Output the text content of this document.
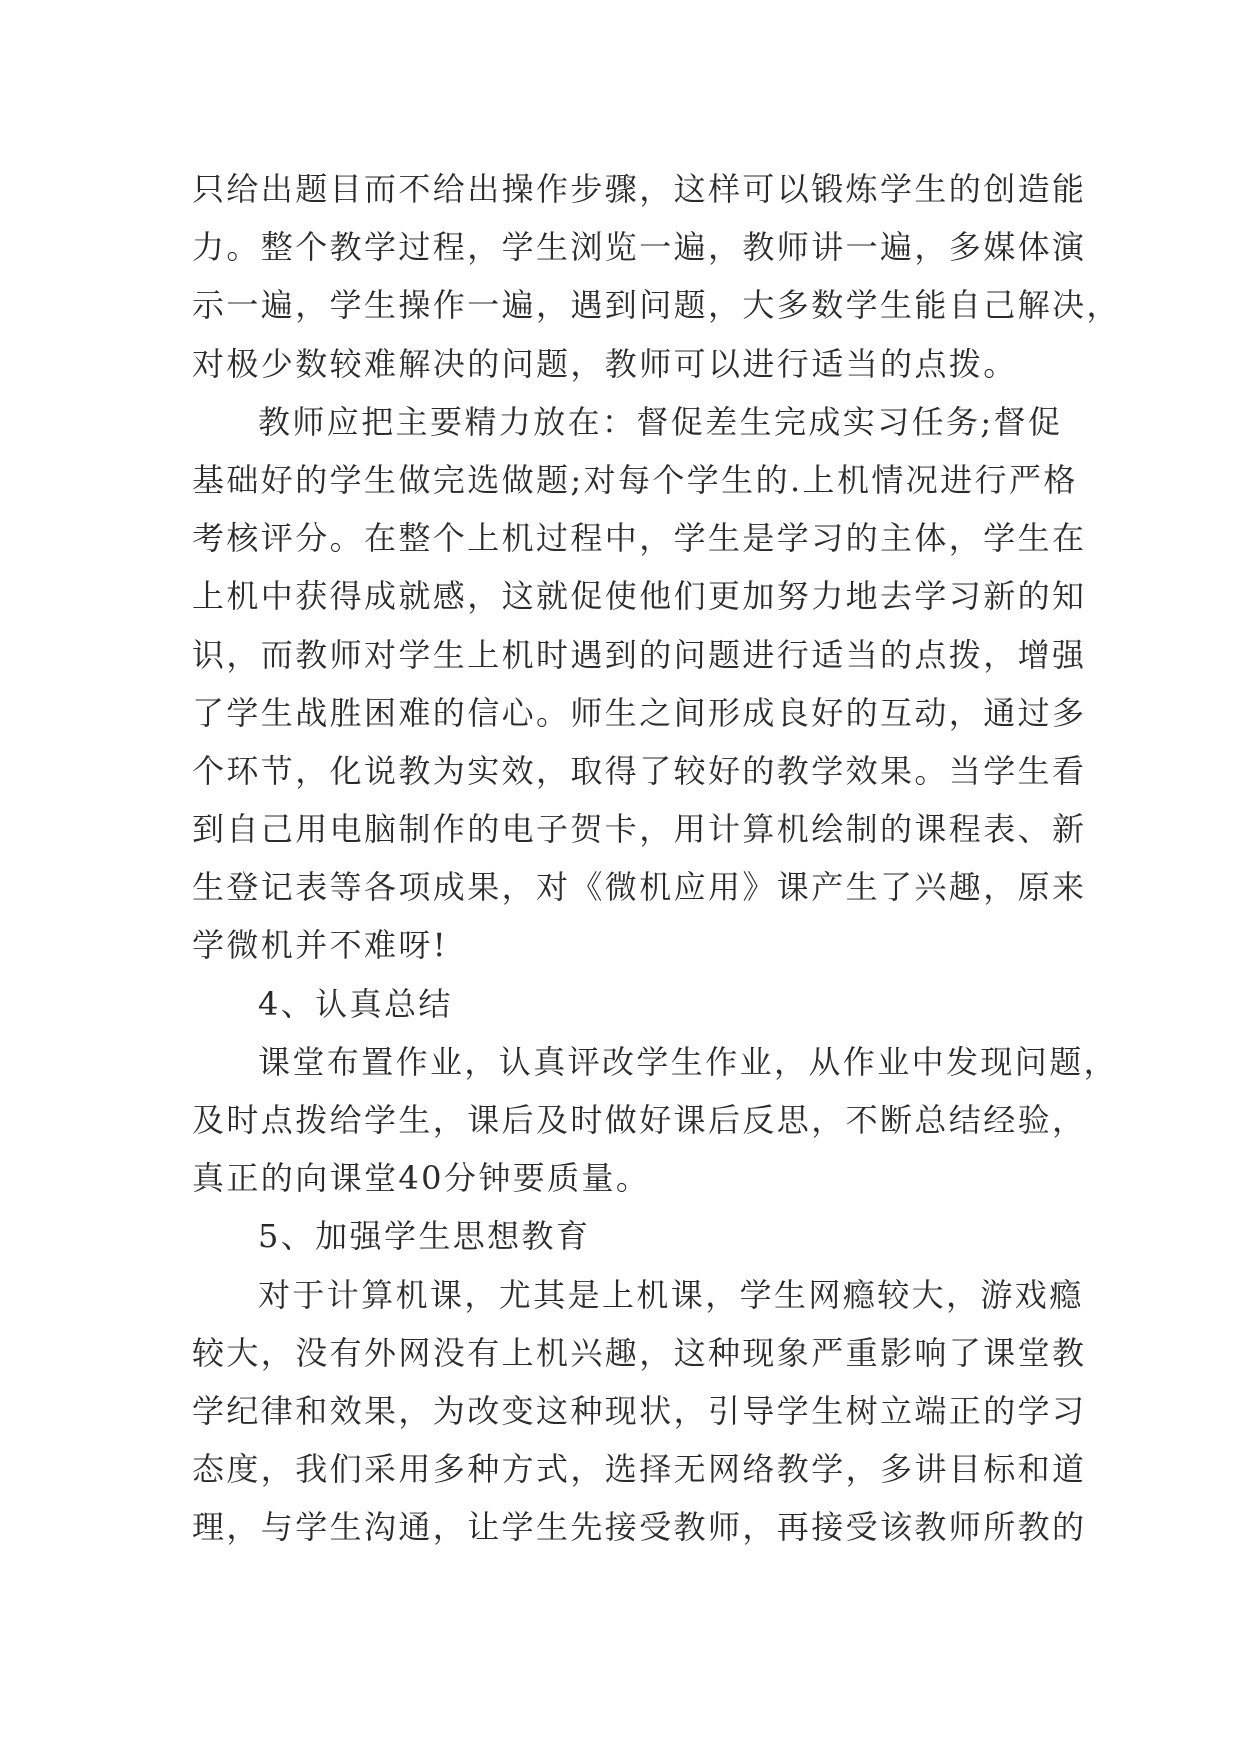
只给出题目而不给出操作步骤，这样可以锻炼学生的创造能
力。整个教学过程，学生浏览一遍，教师讲一遍，多媒体演
示一遍，学生操作一遍，遇到问题，大多数学生能自己解决，
对极少数较难解决的问题，教师可以进行适当的点拨。
教师应把主要精力放在：督促差生完成实习任务;督促
基础好的学生做完选做题;对每个学生的.上机情况进行严格
考核评分。在整个上机过程中，学生是学习的主体，学生在
上机中获得成就感，这就促使他们更加努力地去学习新的知
识，而教师对学生上机时遇到的问题进行适当的点拨，增强
了学生战胜困难的信心。师生之间形成良好的互动，通过多
个环节，化说教为实效，取得了较好的教学效果。当学生看
到自己用电脑制作的电子贺卡，用计算机绘制的课程表、新
生登记表等各项成果，对《微机应用》课产生了兴趣，原来
学微机并不难呀!
4、认真总结
课堂布置作业，认真评改学生作业，从作业中发现问题，
及时点拨给学生，课后及时做好课后反思，不断总结经验，
真正的向课堂40分钟要质量。
5、加强学生思想教育
对于计算机课，尤其是上机课，学生网瘾较大，游戏瘾
较大，没有外网没有上机兴趣，这种现象严重影响了课堂教
学纪律和效果，为改变这种现状，引导学生树立端正的学习
态度，我们采用多种方式，选择无网络教学，多讲目标和道
理，与学生沟通，让学生先接受教师，再接受该教师所教的
